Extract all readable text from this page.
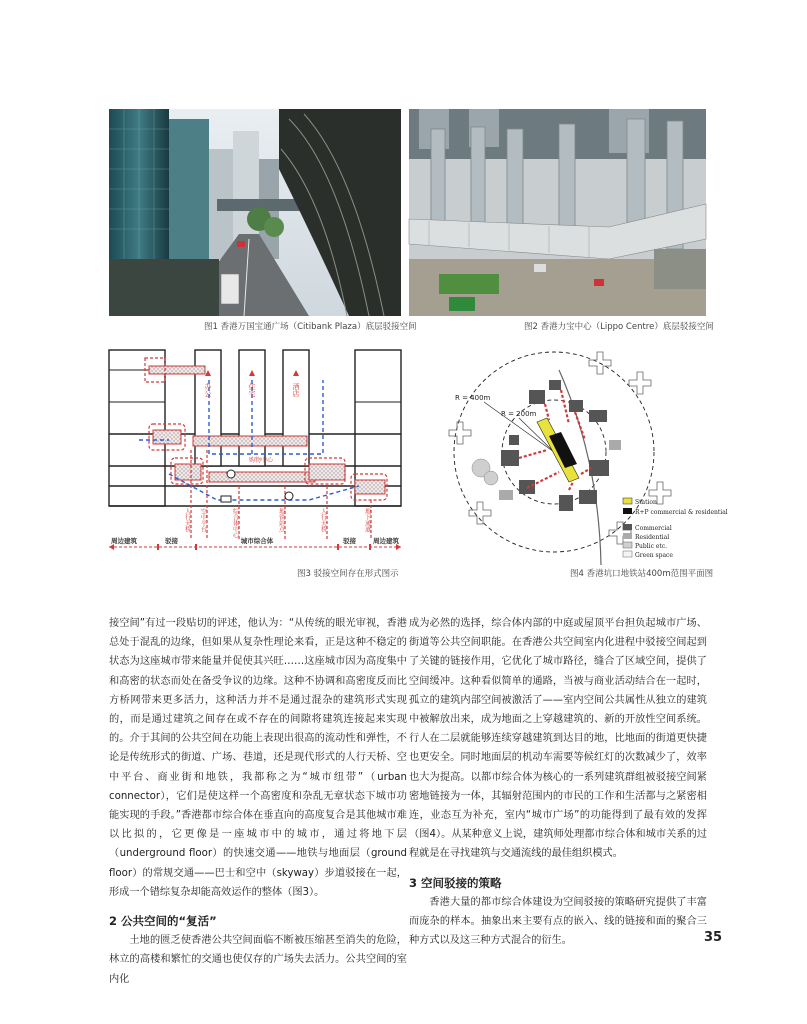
图1 香港万国宝通广场（Citibank Plaza）底层驳接空间	图2 香港力宝中心（Lippo Centre）底层驳接空间
办公	住宅	酒店
购物中心
人行天桥 空中平台	综合体中心	地铁站点	人行天桥	地下通道
周边建筑	驳接	城市综合体	驳接	周边建筑
图3 驳接空间存在形式图示
R = 400m
R = 200m
Station
R+P commercial & residential
Commercial
Residential
Public etc.
Green space
图4 香港坑口地铁站400m范围平面图

接空间”有过一段贴切的评述，他认为：“从传统的眼光审视，香港总处于混乱的边缘，但如果从复杂性理论来看，正是这种不稳定的状态为这座城市带来能量并促使其兴旺……这座城市因为高度集中和高密的状态而处在备受争议的边缘。这种不协调和高密度反而比方桥网带来更多活力，这种活力并不是通过混杂的建筑形式实现的，而是通过建筑之间存在或不存在的间隙将建筑连接起来实现的。介于其间的公共空间在功能上表现出很高的流动性和弹性，不论是传统形式的街道、广场、巷道，还是现代形式的人行天桥、空中平台、商业街和地铁，我都称之为“城市纽带”（urban connector），它们是使这样一个高密度和杂乱无章状态下城市功能实现的手段。”香港都市综合体在垂直向的高度复合是其他城市难以比拟的，它更像是一座城市中的城市，通过将地下层（underground floor）的快速交通——地铁与地面层（ground floor）的常规交通——巴士和空中（skyway）步道驳接在一起，形成一个错综复杂却能高效运作的整体（图3）。

2 公共空间的“复活”

土地的匮乏使香港公共空间面临不断被压缩甚至消失的危险，林立的高楼和繁忙的交通也使仅存的广场失去活力。公共空间的室内化

成为必然的选择，综合体内部的中庭或屋顶平台担负起城市广场、街道等公共空间职能。在香港公共空间室内化进程中驳接空间起到了关键的链接作用，它优化了城市路径，缝合了区域空间，提供了空间缓冲。这种看似简单的通路，当被与商业活动结合在一起时，孤立的建筑内部空间被激活了——室内空间公共属性从独立的建筑中被解放出来，成为地面之上穿越建筑的、新的开放性空间系统。行人在二层就能够连续穿越建筑到达目的地，比地面的街道更快捷也更安全。同时地面层的机动车需要等候红灯的次数减少了，效率也大为提高。以都市综合体为核心的一系列建筑群组被驳接空间紧密地链接为一体，其辐射范围内的市民的工作和生活都与之紧密相连，业态互为补充，室内“城市广场”的功能得到了最有效的发挥（图4）。从某种意义上说，建筑师处理都市综合体和城市关系的过程就是在寻找建筑与交通流线的最佳组织模式。

3 空间驳接的策略

香港大量的都市综合体建设为空间驳接的策略研究提供了丰富而庞杂的样本。抽象出来主要有点的嵌入、线的链接和面的聚合三种方式以及这三种方式混合的衍生。	35
